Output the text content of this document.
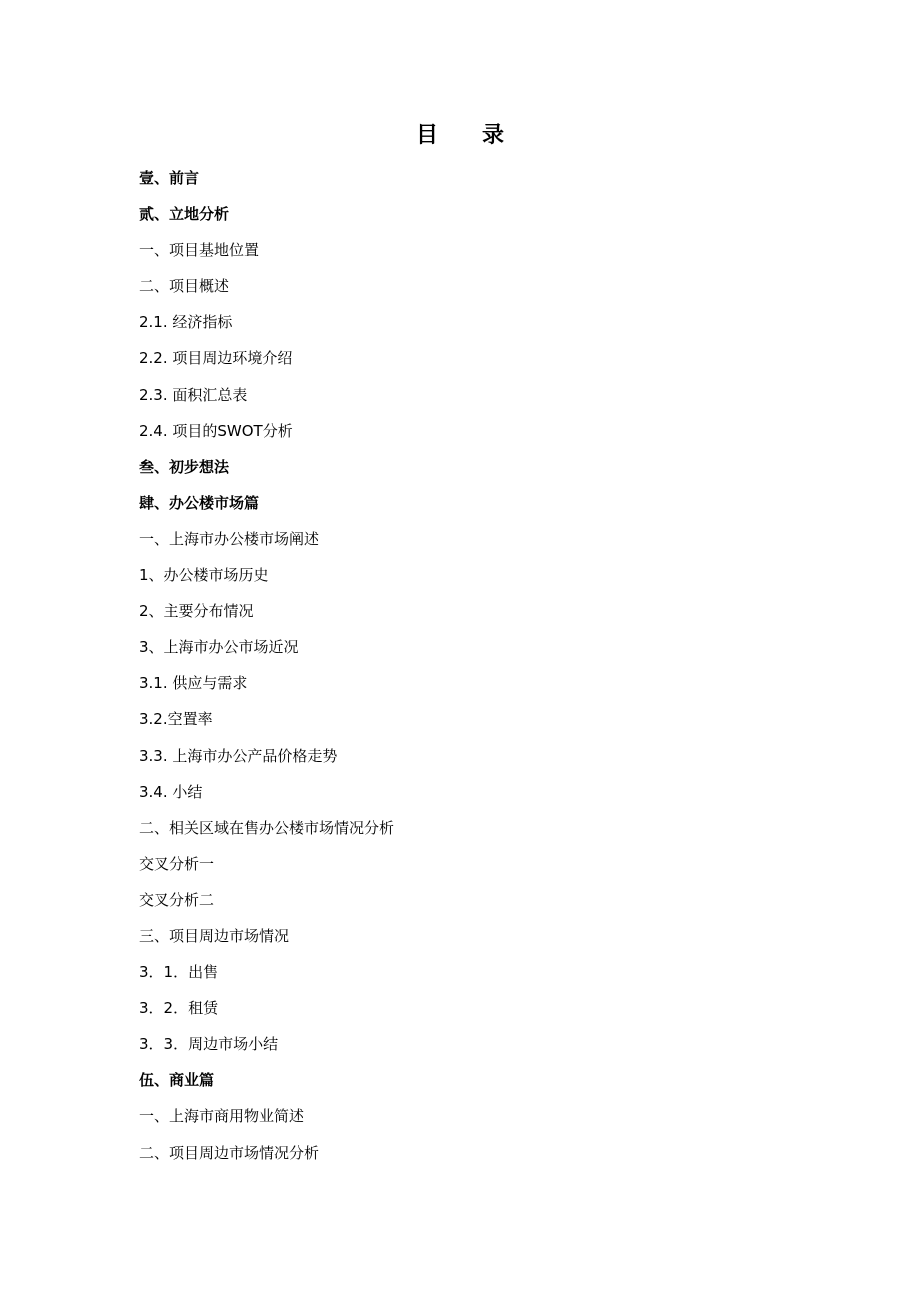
目 录
壹、前言
贰、立地分析
一、项目基地位置
二、项目概述
2.1. 经济指标
2.2. 项目周边环境介绍
2.3. 面积汇总表
2.4. 项目的SWOT分析
叁、初步想法
肆、办公楼市场篇
一、上海市办公楼市场阐述
1、办公楼市场历史
2、主要分布情况
3、上海市办公市场近况
3.1. 供应与需求
3.2.空置率
3.3. 上海市办公产品价格走势
3.4. 小结
二、相关区域在售办公楼市场情况分析
交叉分析一
交叉分析二
三、项目周边市场情况
3．1．出售
3．2．租赁
3．3．周边市场小结
伍、商业篇
一、上海市商用物业简述
二、项目周边市场情况分析
